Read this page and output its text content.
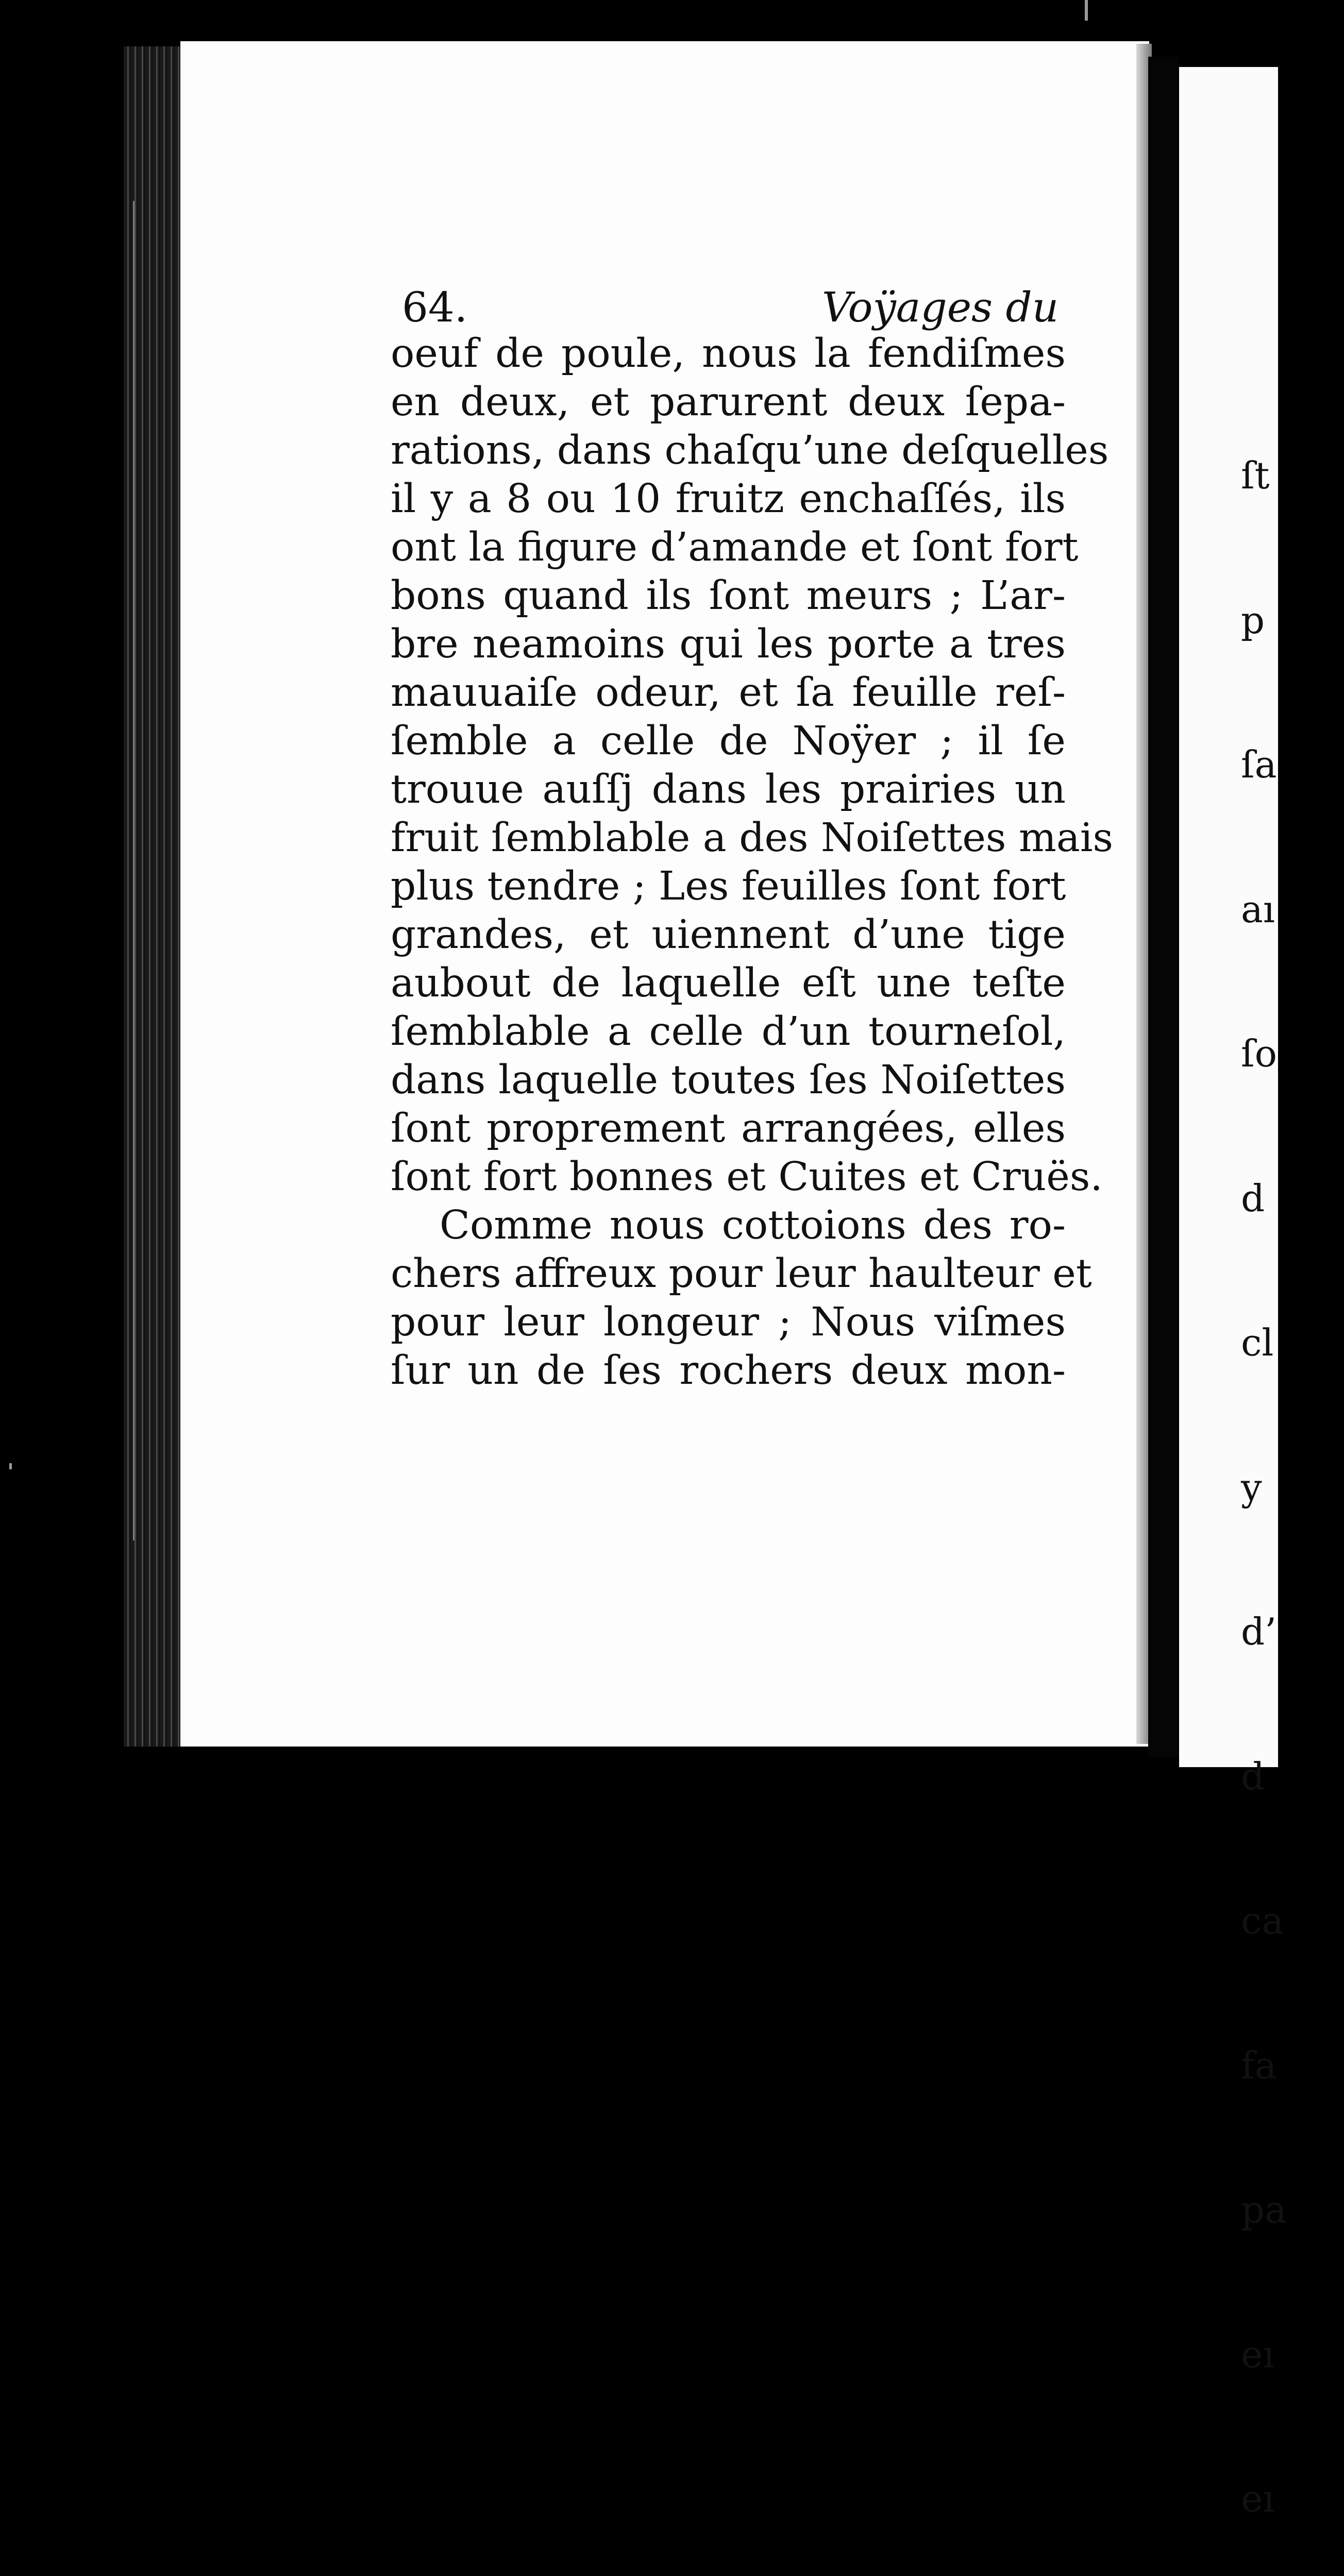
64.	Voÿages du
oeuf de poule, nous la fendiſmes
en deux, et parurent deux ſepa-
rations, dans chaſqu’une deſquelles
il y a 8 ou 10 fruitz enchaſſés, ils
ont la figure d’amande et ſont fort
bons quand ils ſont meurs ; L’ar-
bre neamoins qui les porte a tres
mauuaiſe odeur, et ſa feuille reſ-
ſemble a celle de Noÿer ; il ſe
trouue auſſj dans les prairies un
fruit ſemblable a des Noiſettes mais
plus tendre ; Les feuilles ſont fort
grandes, et uiennent d’une tige
aubout de laquelle eſt une teſte
ſemblable a celle d’un tourneſol,
dans laquelle toutes ſes Noiſettes
ſont proprement arrangées, elles
ſont fort bonnes et Cuites et Cruës.
Comme nous cottoions des ro-
chers affreux pour leur haulteur et
pour leur longeur ; Nous viſmes
ſur un de ſes rochers deux mon-

ſt

p

ſa

aı

ſo

d

cl

y

d’

d

ca

fa

pa

eı

eı
